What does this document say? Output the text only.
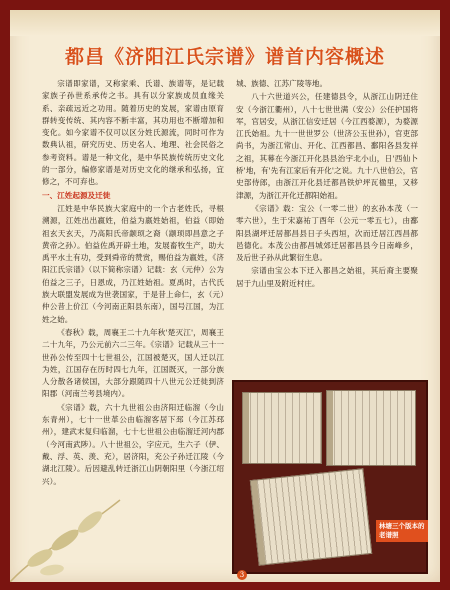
都昌《济阳江氏宗谱》谱首内容概述

宗谱即家谱，又称家乘、氏谱、族谱等，是记载家族子孙世系承传之书。具有以分家族成员血缘关系、亲疏远近之功用。随着历史的发展，家谱由原育群转变传统、其内容不断丰富，其功用也不断增加和变化。如今家谱不仅可以区分姓氏源流，同时可作为数典认祖，研究历史、历史名人、地理、社会民俗之参考资料。谱是一种文化，是中华民族传统历史文化的一部分，编修家谱是对历史文化的继承和弘扬，宜修之，不可弃也。

一、江姓起源及迁徙

江姓是中华民族大家庭中的一个古老姓氏，寻根溯源，江姓出出嬴姓，伯益为嬴姓始祖，伯益（即始祖玄天玄天，乃高阳氏帝颛顼之裔（颛顼即昌意之子黄帝之孙）。伯益佐禹开辟土地，发展畜牧生产，助大禹平水土有功，受到舜帝的赞赏，赐伯益为嬴姓，《济阳江氏宗谱》（以下简称宗谱）记载：玄（元仲）公为伯益之三子，日恩成，乃江姓始祖。夏禹时，古代氏族大联盟发展成为世袭国家，于是昔上命仁，玄（元）仲公昔上价江（今河南正阳县东南），国号江国，为江姓之始。

《春秋》载，周襄王二十九年秋'楚灭江'，周襄王二十九年，乃公元前六二三年。《宗谱》记载从三十一世孙公传至四十七世祖公，江国被楚灭，国人迁以江为姓，江国存在历时四七九年，江国既灭，一部分族人分散各诸侯国，大部分跟随四十八世元公迁徙到济阳郡（河南兰考县境内）。

《宗谱》载，六十九世祖公由济阳迁临溜（今山东青州），七十一世革公由临溜客居下邳（今江苏邳州），建武末复归临溜，七十七世祖公由临溜迁河内郡（今河南武陟）。八十世祖公，字应元，生六子（伊、戴、浮、英、羡、充），居济阳，充公子孙迁江陵（今湖北江陵）。后因避乱转迁浙江山阴朝阳里（今浙江绍兴）。

城、族德、江苏广陵等地。

八十六世道兴公，任建德县令，从浙江山阴迁住安（今浙江衢州），八十七世世满（安公）公任护国将军，官居安，从浙江信安迁居（今江西婺源），为婺源江氏始祖。九十一世世罗公（世济公玉世孙），官吏部尚书，为浙江常山、开化、江西都昌、鄱阳各县发祥之祖，其幕在今浙江开化县县治宇北小山，日'西仙卜桥'地，有'先有江家后有开化'之说。九十八世伯公，官史部侍郎，由浙江开化县迁都昌铁炉坪瓦楹里，又移津源，为浙江开化迁都阳始祖。

《宗谱》载：宝公（一零二世）的玄孙本茂（一零六世），生于宋嘉祐丁酉年（公元一零五七），由鄱阳县湖坪迁居都昌县日子头西垣，次而迁居江西昌都邑德化。本茂公由都昌城郊迁居都昌县今日南峰乡，及后世子孙从此繁衍生息。

宗谱由宝公本下迁入都昌之始祖，其后裔主要聚居于九山里及附近村庄。

林塘三个版本的老谱照
3
